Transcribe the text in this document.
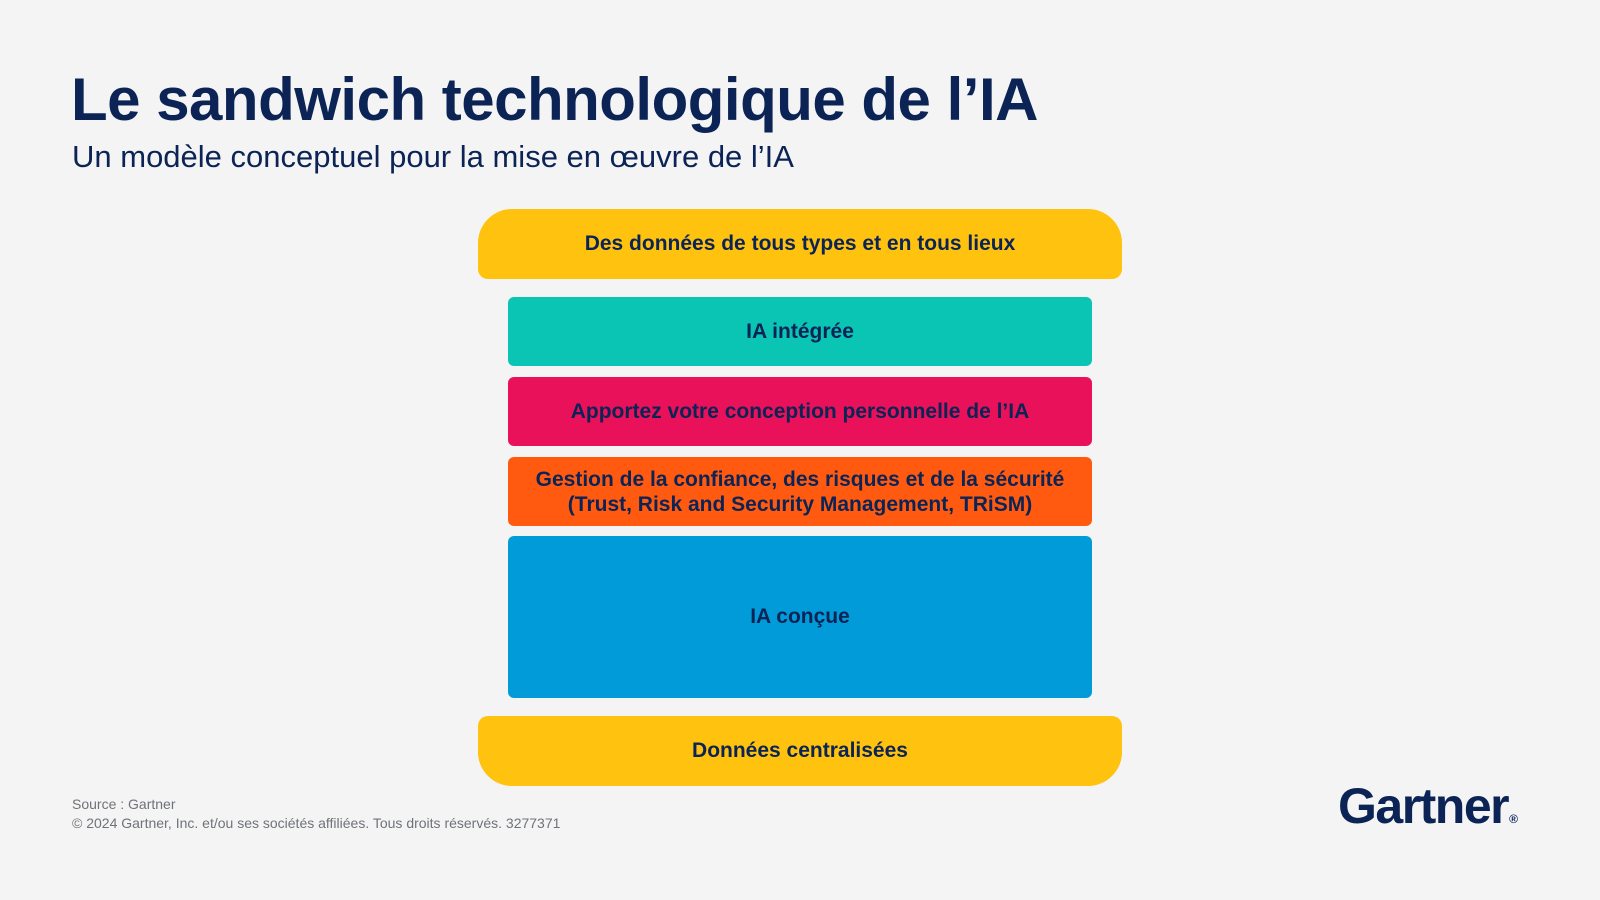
Le sandwich technologique de l’IA
Un modèle conceptuel pour la mise en œuvre de l’IA
Des données de tous types et en tous lieux
IA intégrée
Apportez votre conception personnelle de l’IA
Gestion de la confiance, des risques et de la sécurité
(Trust, Risk and Security Management, TRiSM)
IA conçue
Données centralisées
Source : Gartner
© 2024 Gartner, Inc. et/ou ses sociétés affiliées. Tous droits réservés. 3277371	Gartner®
